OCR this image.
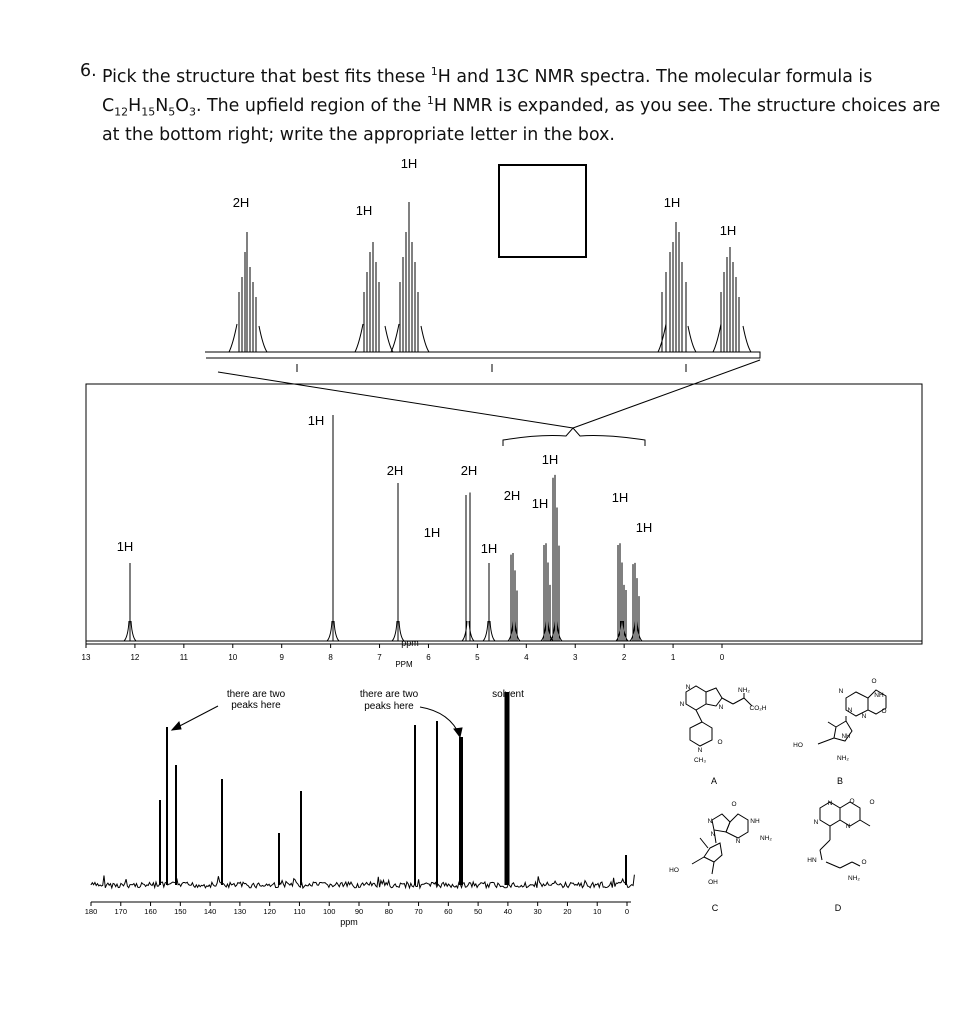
6. Pick the structure that best fits these $^1$H and 13C NMR spectra. The molecular formula is
$C_{12}H_{15}N_5O_3$. The upfield region of the $^1$H NMR is expanded, as you see. The structure choices are
at the bottom right; write the appropriate letter in the box.
2H
1H
1H
1H
1H
1H
1H
2H
1H
2H
1H
2H
1H
1H
1H
1H
13	12	11	10	9	8	7	6	5	4	3	2	1	0
ppm
PPM
there are two
peaks here
there are two
peaks here
solvent
180 170 160 150 140 130 120 110 100	90	80	70	60	50	40	30	20	10	0
ppm
N
N
NH₂
N	CO₂H
N
CH₃
O
A
O
N
NH
N
N
O
NH
HO
NH₂
B
N
O
NH
N
N	NH₂
HO
OH
C
N	O O
N
N
HN	O
NH₂
D
